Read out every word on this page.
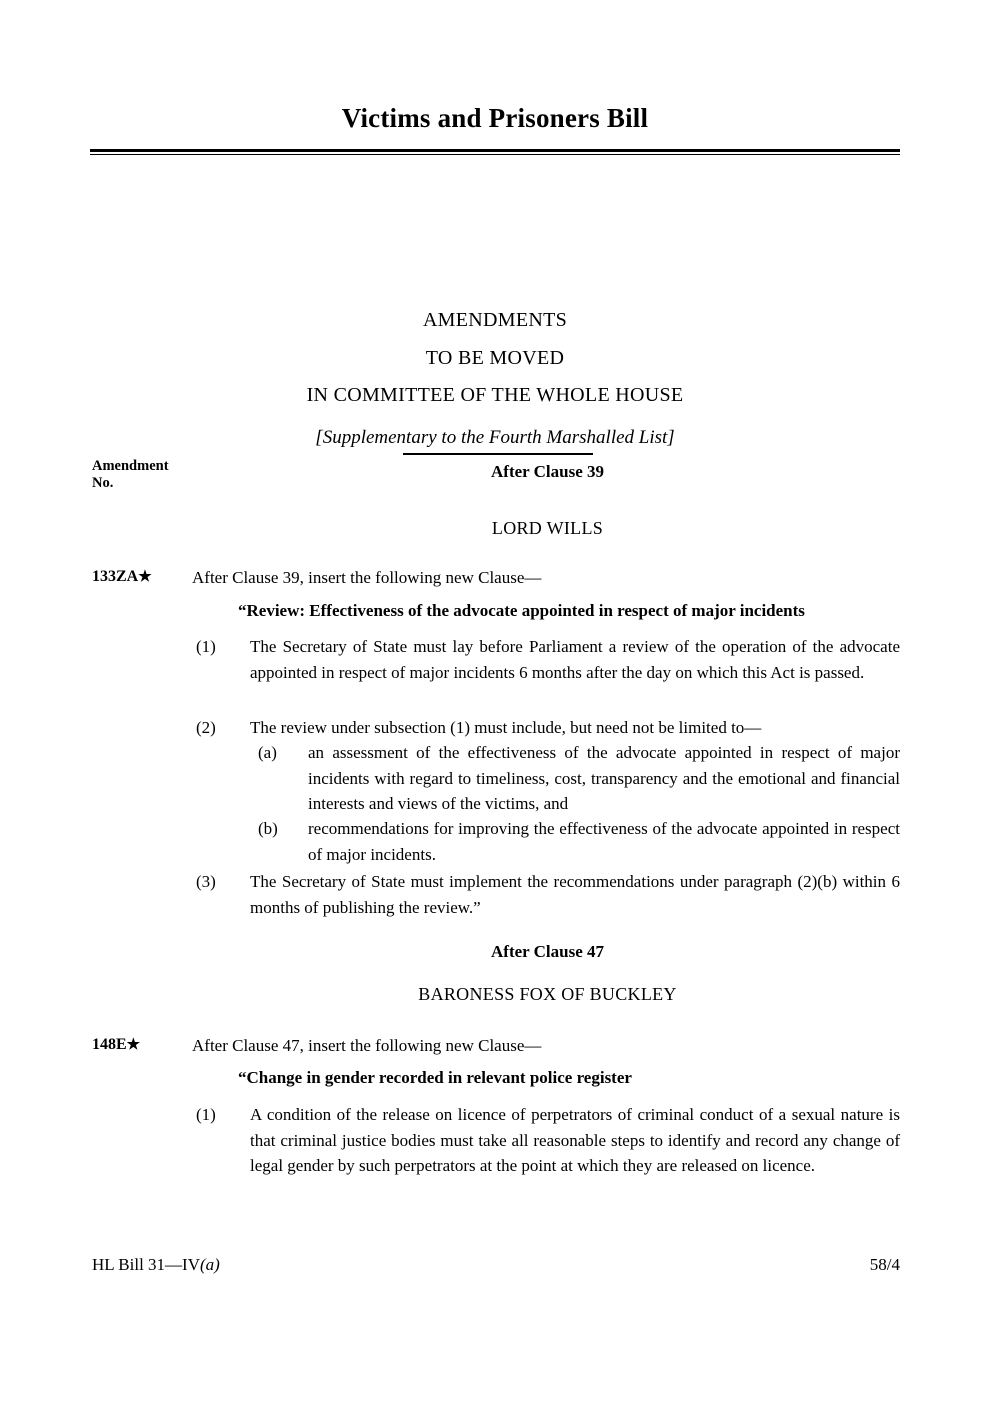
Victims and Prisoners Bill
AMENDMENTS
TO BE MOVED
IN COMMITTEE OF THE WHOLE HOUSE
[Supplementary to the Fourth Marshalled List]
Amendment
No.
After Clause 39
LORD WILLS
133ZA★ After Clause 39, insert the following new Clause—
“Review: Effectiveness of the advocate appointed in respect of major incidents
(1)	The Secretary of State must lay before Parliament a review of the operation of the advocate appointed in respect of major incidents 6 months after the day on which this Act is passed.
(2)	The review under subsection (1) must include, but need not be limited to—
(a)	an assessment of the effectiveness of the advocate appointed in respect of major incidents with regard to timeliness, cost, transparency and the emotional and financial interests and views of the victims, and
(b)	recommendations for improving the effectiveness of the advocate appointed in respect of major incidents.
(3)	The Secretary of State must implement the recommendations under paragraph (2)(b) within 6 months of publishing the review.”
After Clause 47
BARONESS FOX OF BUCKLEY
148E★	After Clause 47, insert the following new Clause—
“Change in gender recorded in relevant police register
(1)	A condition of the release on licence of perpetrators of criminal conduct of a sexual nature is that criminal justice bodies must take all reasonable steps to identify and record any change of legal gender by such perpetrators at the point at which they are released on licence.
HL Bill 31—IV(a)	58/4
